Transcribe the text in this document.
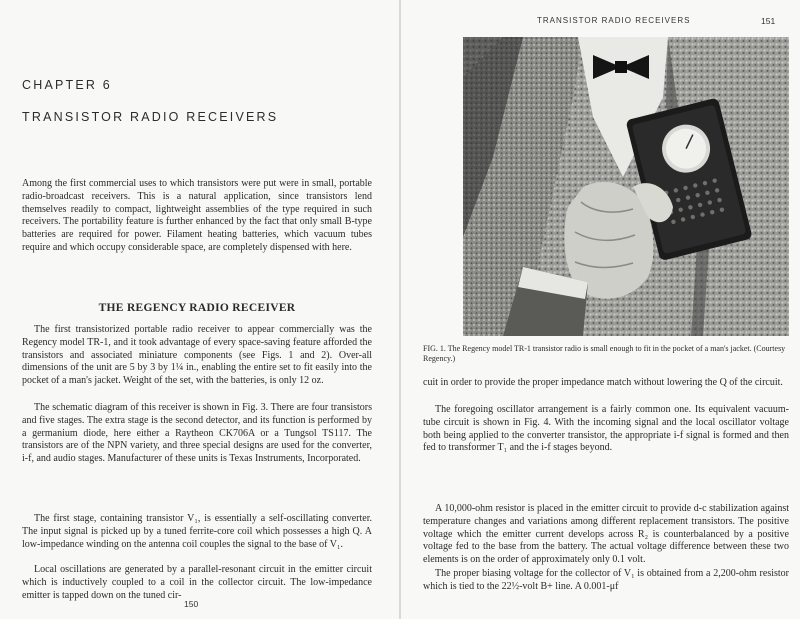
CHAPTER 6
TRANSISTOR RADIO RECEIVERS

Among the first commercial uses to which transistors were put were in small, portable radio-broadcast receivers. This is a natural application, since transistors lend themselves readily to compact, lightweight assemblies of the type required in such receivers. The portability feature is further enhanced by the fact that only small B-type batteries are required for power. Filament heating batteries, which vacuum tubes require and which occupy considerable space, are completely dispensed with here.

THE REGENCY RADIO RECEIVER

The first transistorized portable radio receiver to appear commercially was the Regency model TR-1, and it took advantage of every space-saving feature afforded the transistors and associated miniature components (see Figs. 1 and 2). Over-all dimensions of the unit are 5 by 3 by 1¼ in., enabling the entire set to fit easily into the pocket of a man's jacket. Weight of the set, with the batteries, is only 12 oz.

The schematic diagram of this receiver is shown in Fig. 3. There are four transistors and five stages. The extra stage is the second detector, and its function is performed by a germanium diode, here either a Raytheon CK706A or a Tungsol TS117. The transistors are of the NPN variety, and three special designs are used for the converter, i-f, and audio stages. Manufacturer of these units is Texas Instruments, Incorporated.

The first stage, containing transistor V₁, is essentially a self-oscillating converter. The input signal is picked up by a tuned ferrite-core coil which possesses a high Q. A low-impedance winding on the antenna coil couples the signal to the base of V₁.

Local oscillations are generated by a parallel-resonant circuit in the emitter circuit which is inductively coupled to a coil in the collector circuit. The low-impedance emitter is tapped down on the tuned cir-

150
TRANSISTOR RADIO RECEIVERS	151

FIG. 1. The Regency model TR-1 transistor radio is small enough to fit in the pocket of a man's jacket. (Courtesy Regency.)

cuit in order to provide the proper impedance match without lowering the Q of the circuit.

The foregoing oscillator arrangement is a fairly common one. Its equivalent vacuum-tube circuit is shown in Fig. 4. With the incoming signal and the local oscillator voltage both being applied to the converter transistor, the appropriate i-f signal is formed and then fed to transformer T₁ and the i-f stages beyond.

A 10,000-ohm resistor is placed in the emitter circuit to provide d-c stabilization against temperature changes and variations among different replacement transistors. The positive voltage which the emitter current develops across R₂ is counterbalanced by a positive voltage fed to the base from the battery. The actual voltage difference between these two elements is on the order of approximately only 0.1 volt.

The proper biasing voltage for the collector of V₁ is obtained from a 2,200-ohm resistor which is tied to the 22½-volt B+ line. A 0.001-μf
